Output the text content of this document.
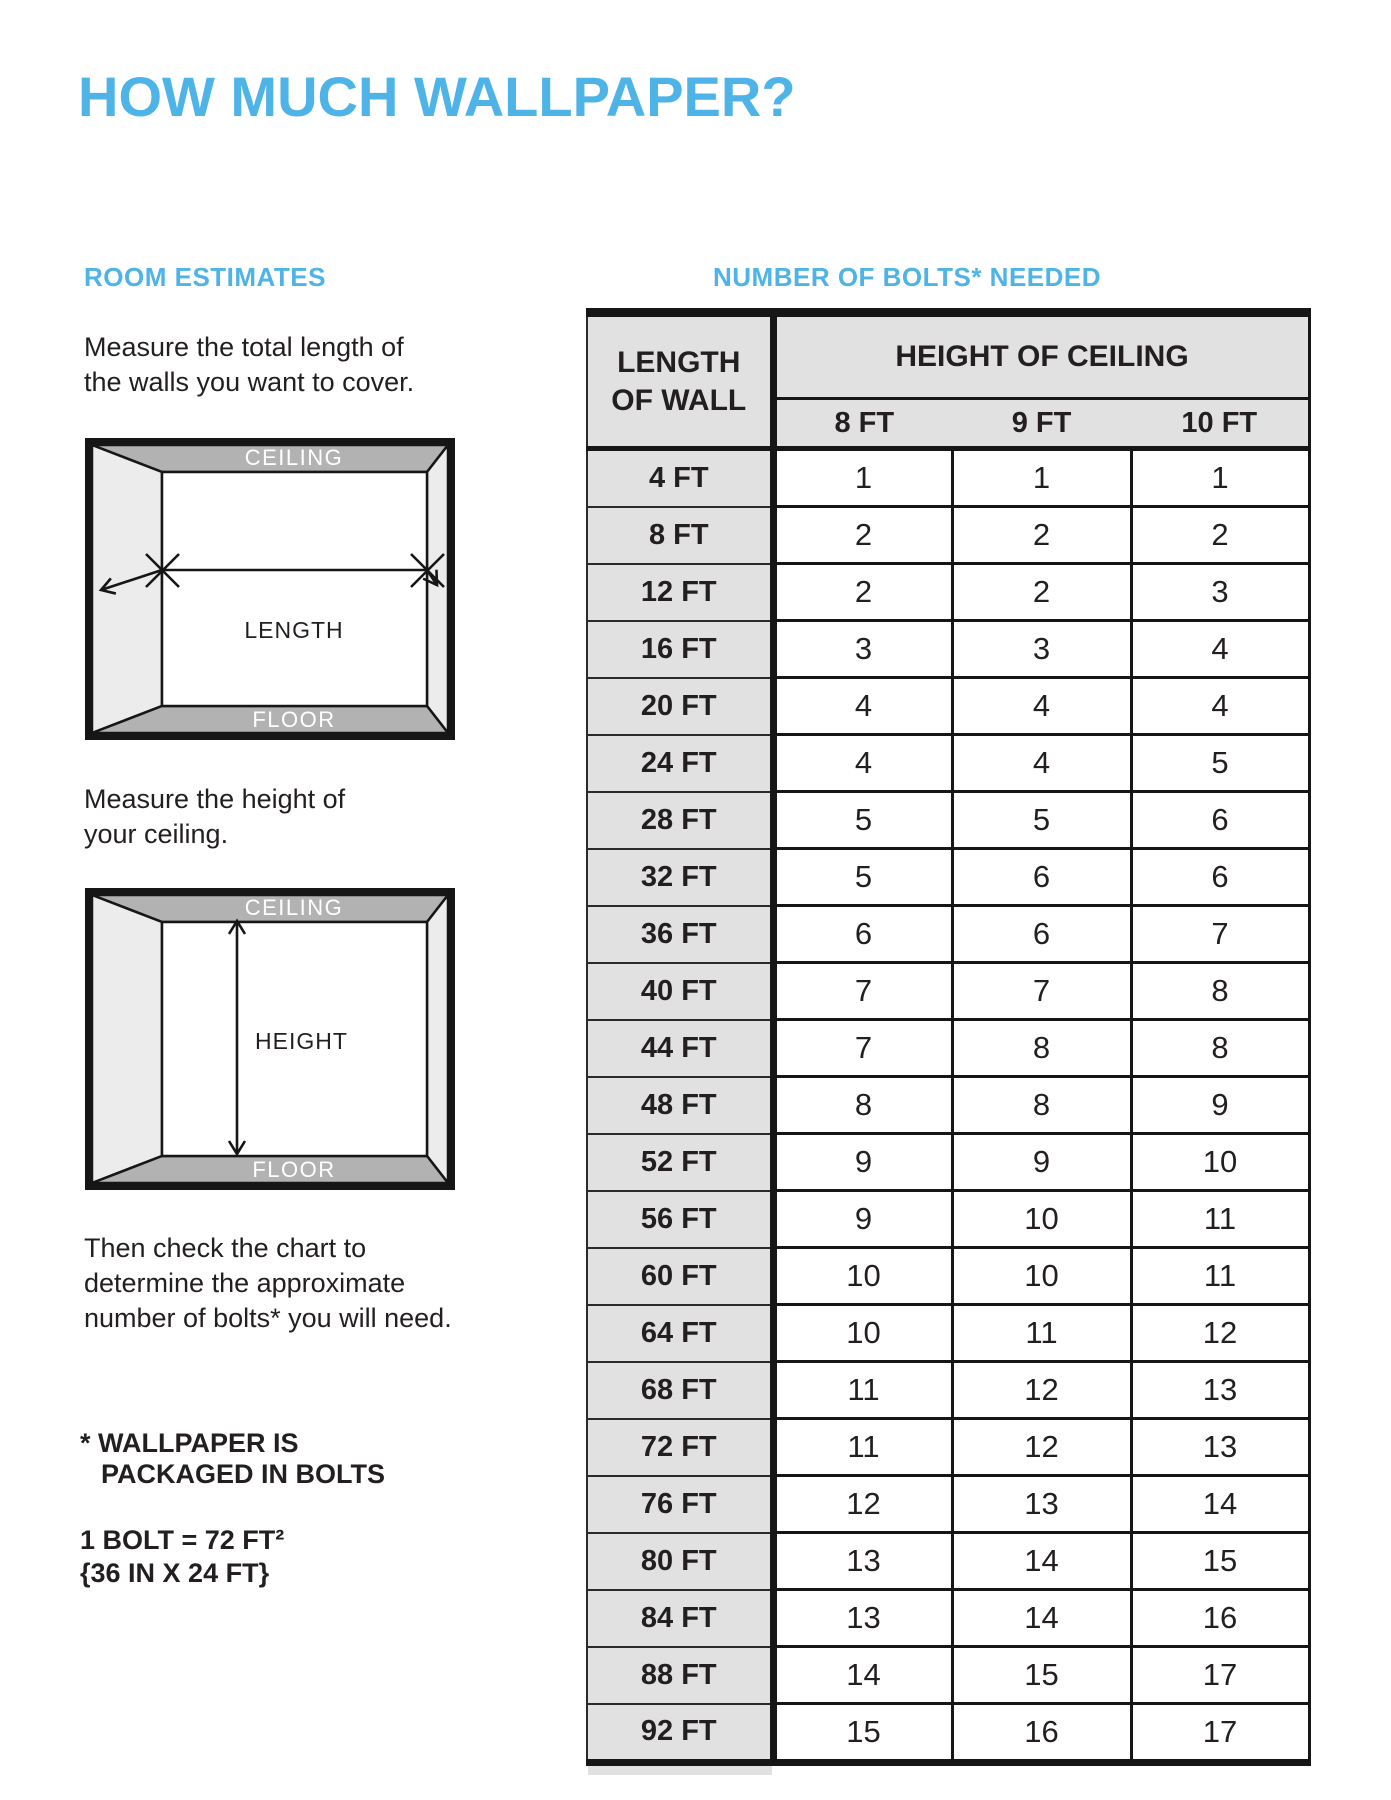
HOW MUCH WALLPAPER?
ROOM ESTIMATES

Measure the total length of
the walls you want to cover.

CEILING
FLOOR
LENGTH

Measure the height of
your ceiling.

CEILING
FLOOR
HEIGHT

Then check the chart to
determine the approximate
number of bolts* you will need.

* WALLPAPER IS
PACKAGED IN BOLTS

1 BOLT = 72 FT²
{36 IN X 24 FT}

NUMBER OF BOLTS* NEEDED
LENGTH
OF WALL	HEIGHT OF CEILING		
	8 FT	9 FT	10 FT
4 FT	1	1	1
8 FT	2	2	2
12 FT	2	2	3
16 FT	3	3	4
20 FT	4	4	4
24 FT	4	4	5
28 FT	5	5	6
32 FT	5	6	6
36 FT	6	6	7
40 FT	7	7	8
44 FT	7	8	8
48 FT	8	8	9
52 FT	9	9	10
56 FT	9	10	11
60 FT	10	10	11
64 FT	10	11	12
68 FT	11	12	13
72 FT	11	12	13
76 FT	12	13	14
80 FT	13	14	15
84 FT	13	14	16
88 FT	14	15	17
92 FT	15	16	17
